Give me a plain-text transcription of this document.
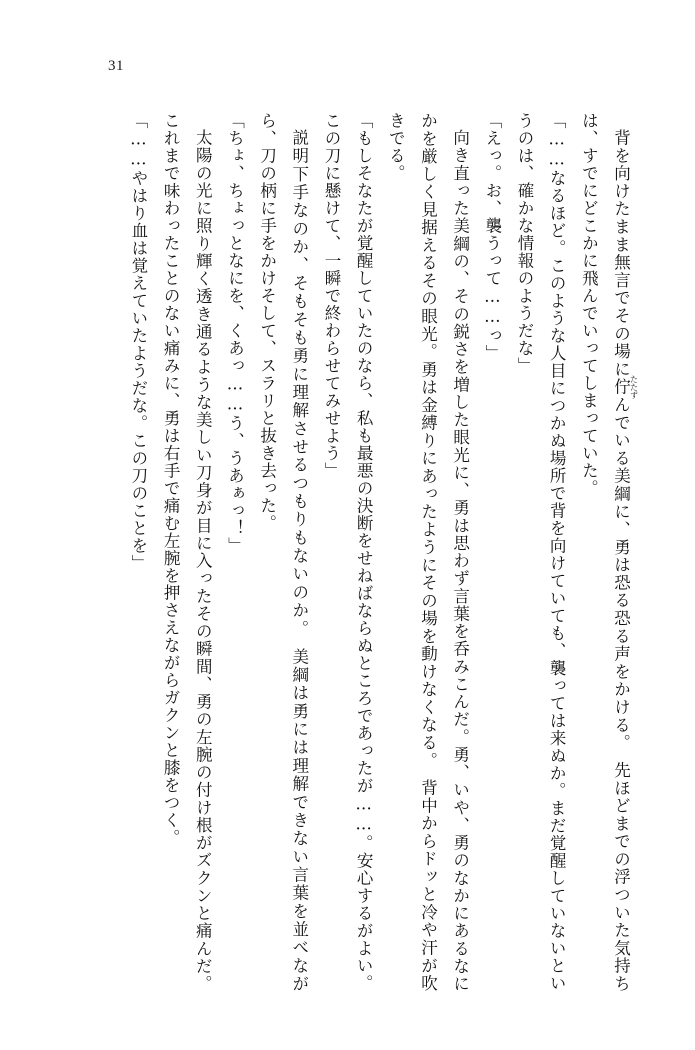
31

背を向けたまま無言でその場に佇 たたずんでいる美綱に、勇は恐る恐る声をかける。　先ほどまでの浮ついた気持ちは、すでにどこかに飛んでいってしまっていた。

「……なるほど。このような人目につかぬ場所で背を向けていても、襲っては来ぬか。まだ覚醒していないというのは、確かな情報のようだな」

「えっ。お、襲うって……っ」

向き直った美綱の、その鋭さを増した眼光に、勇は思わず言葉を呑みこんだ。勇、いや、勇のなかにあるなにかを厳しく見据えるその眼光。勇は金縛りにあったようにその場を動けなくなる。　背中からドッと冷や汗が吹きでる。

「もしそなたが覚醒していたのなら、私も最悪の決断をせねばならぬところであったが……。安心するがよい。この刀に懸けて、一瞬で終わらせてみせよう」

説明下手なのか、そもそも勇に理解させるつもりもないのか。　美綱は勇には理解できない言葉を並べながら、刀の柄に手をかけそして、スラリと抜き去った。

「ちょ、ちょっとなにを、くあっ……う、うあぁっ！」

太陽の光に照り輝く透き通るような美しい刀身が目に入ったその瞬間、勇の左腕の付け根がズクンと痛んだ。これまで味わったことのない痛みに、勇は右手で痛む左腕を押さえながらガクンと膝をつく。

「……やはり血は覚えていたようだな。この刀のことを」
